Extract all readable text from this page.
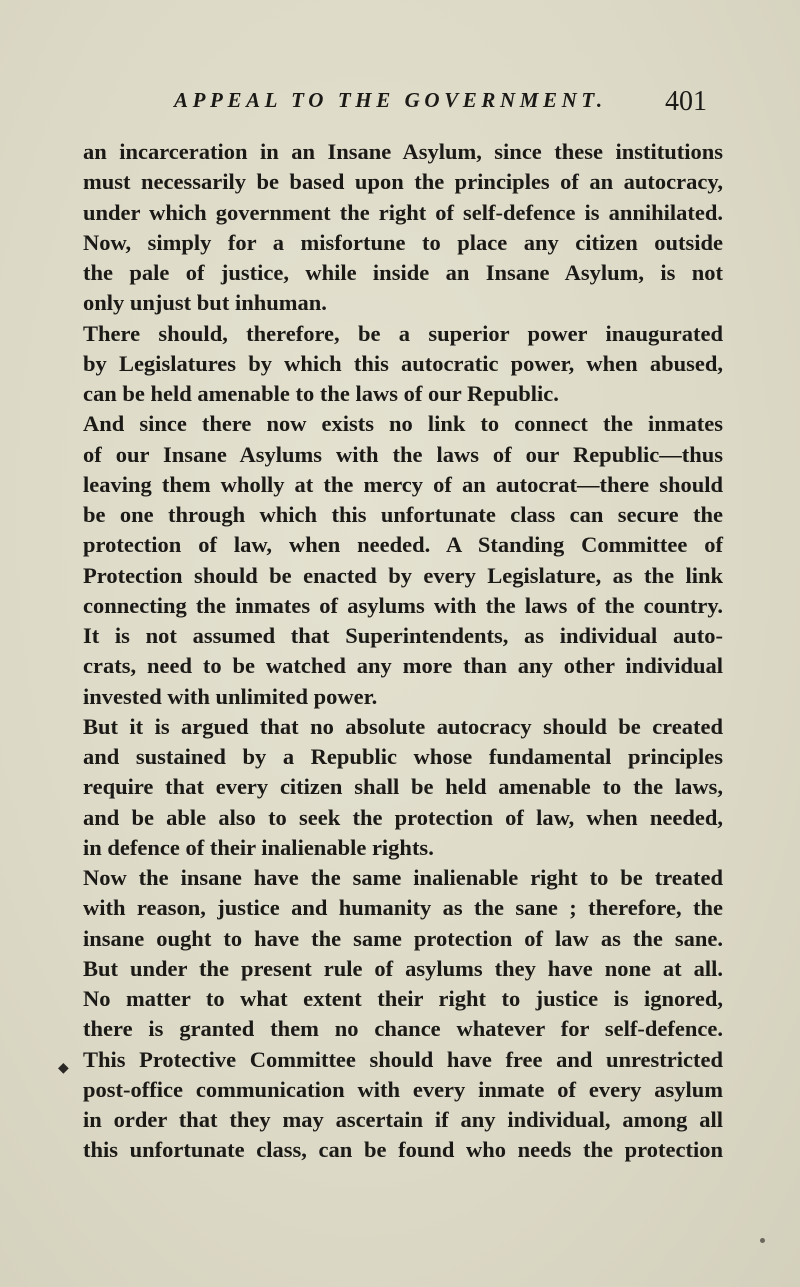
APPEAL TO THE GOVERNMENT. 401
an incarceration in an Insane Asylum, since these institutions
must necessarily be based upon the principles of an autocracy,
under which government the right of self-defence is annihilated.
Now, simply for a misfortune to place any citizen outside
the pale of justice, while inside an Insane Asylum, is not
only unjust but inhuman.
There should, therefore, be a superior power inaugurated
by Legislatures by which this autocratic power, when abused,
can be held amenable to the laws of our Republic.
And since there now exists no link to connect the inmates
of our Insane Asylums with the laws of our Republic—thus
leaving them wholly at the mercy of an autocrat—there should
be one through which this unfortunate class can secure the
protection of law, when needed. A Standing Committee of
Protection should be enacted by every Legislature, as the link
connecting the inmates of asylums with the laws of the country.
It is not assumed that Superintendents, as individual auto-
crats, need to be watched any more than any other individual
invested with unlimited power.
But it is argued that no absolute autocracy should be created
and sustained by a Republic whose fundamental principles
require that every citizen shall be held amenable to the laws,
and be able also to seek the protection of law, when needed,
in defence of their inalienable rights.
Now the insane have the same inalienable right to be treated
with reason, justice and humanity as the sane ; therefore, the
insane ought to have the same protection of law as the sane.
But under the present rule of asylums they have none at all.
No matter to what extent their right to justice is ignored,
there is granted them no chance whatever for self-defence.
This Protective Committee should have free and unrestricted
post-office communication with every inmate of every asylum
in order that they may ascertain if any individual, among all
this unfortunate class, can be found who needs the protection
◆
